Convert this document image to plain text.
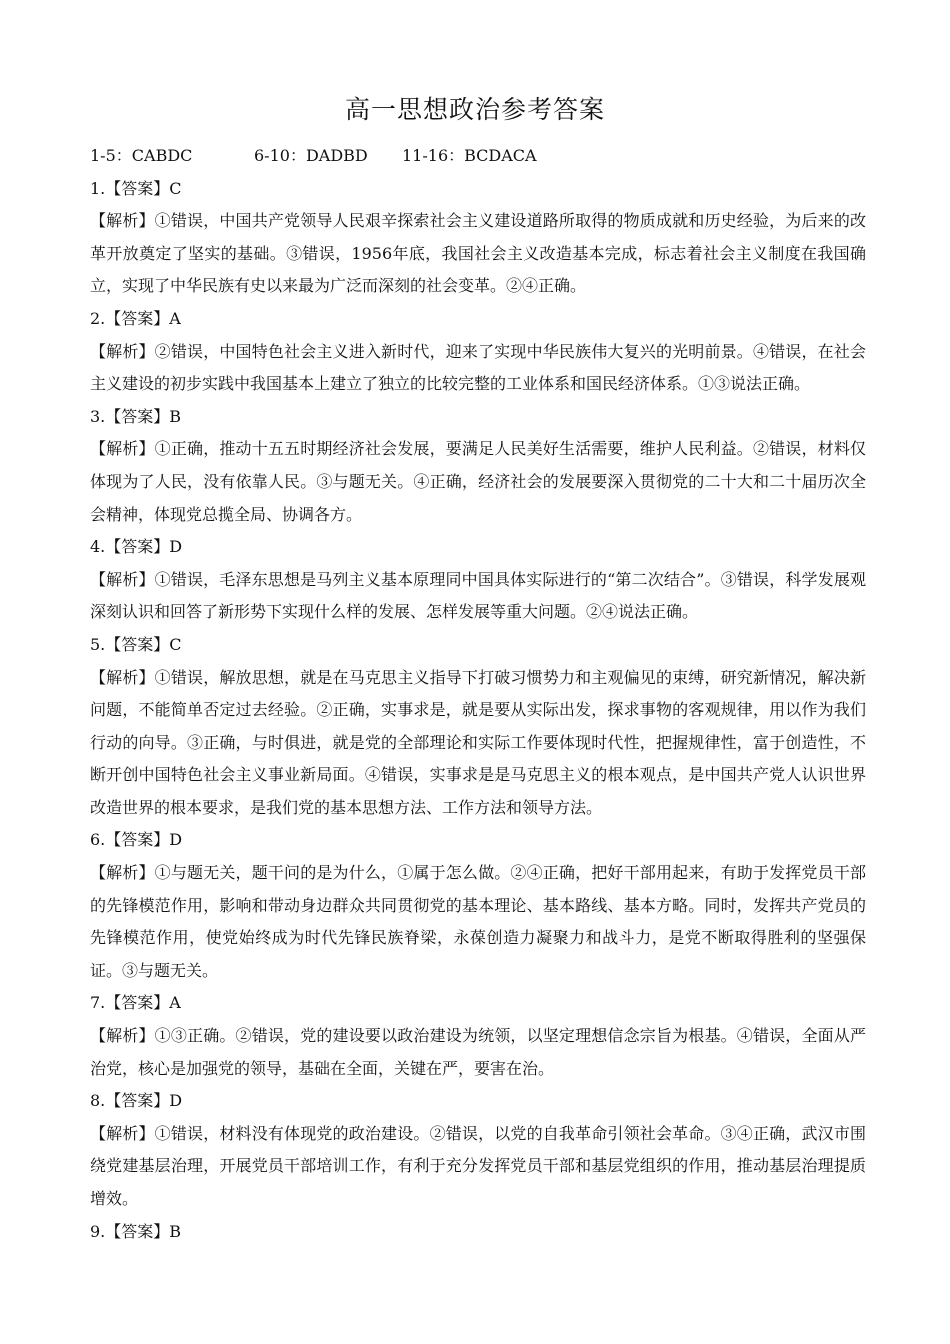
高一思想政治参考答案
1-5：CABDC	6-10：DADBD 11-16：BCDACA
1.【答案】C
【解析】①错误，中国共产党领导人民艰辛探索社会主义建设道路所取得的物质成就和历史经验，为后来的改革开放奠定了坚实的基础。③错误，1956年底，我国社会主义改造基本完成，标志着社会主义制度在我国确立，实现了中华民族有史以来最为广泛而深刻的社会变革。②④正确。
2.【答案】A
【解析】②错误，中国特色社会主义进入新时代，迎来了实现中华民族伟大复兴的光明前景。④错误，在社会主义建设的初步实践中我国基本上建立了独立的比较完整的工业体系和国民经济体系。①③说法正确。
3.【答案】B
【解析】①正确，推动十五五时期经济社会发展，要满足人民美好生活需要，维护人民利益。②错误，材料仅体现为了人民，没有依靠人民。③与题无关。④正确，经济社会的发展要深入贯彻党的二十大和二十届历次全会精神，体现党总揽全局、协调各方。
4.【答案】D
【解析】①错误，毛泽东思想是马列主义基本原理同中国具体实际进行的“第二次结合”。③错误，科学发展观深刻认识和回答了新形势下实现什么样的发展、怎样发展等重大问题。②④说法正确。
5.【答案】C
【解析】①错误，解放思想，就是在马克思主义指导下打破习惯势力和主观偏见的束缚，研究新情况，解决新问题，不能简单否定过去经验。②正确，实事求是，就是要从实际出发，探求事物的客观规律，用以作为我们行动的向导。③正确，与时俱进，就是党的全部理论和实际工作要体现时代性，把握规律性，富于创造性，不断开创中国特色社会主义事业新局面。④错误，实事求是是马克思主义的根本观点，是中国共产党人认识世界改造世界的根本要求，是我们党的基本思想方法、工作方法和领导方法。
6.【答案】D
【解析】①与题无关，题干问的是为什么，①属于怎么做。②④正确，把好干部用起来，有助于发挥党员干部的先锋模范作用，影响和带动身边群众共同贯彻党的基本理论、基本路线、基本方略。同时，发挥共产党员的先锋模范作用，使党始终成为时代先锋民族脊梁，永葆创造力凝聚力和战斗力，是党不断取得胜利的坚强保证。③与题无关。
7.【答案】A
【解析】①③正确。②错误，党的建设要以政治建设为统领，以坚定理想信念宗旨为根基。④错误，全面从严治党，核心是加强党的领导，基础在全面，关键在严，要害在治。
8.【答案】D
【解析】①错误，材料没有体现党的政治建设。②错误，以党的自我革命引领社会革命。③④正确，武汉市围绕党建基层治理，开展党员干部培训工作，有利于充分发挥党员干部和基层党组织的作用，推动基层治理提质增效。
9.【答案】B
